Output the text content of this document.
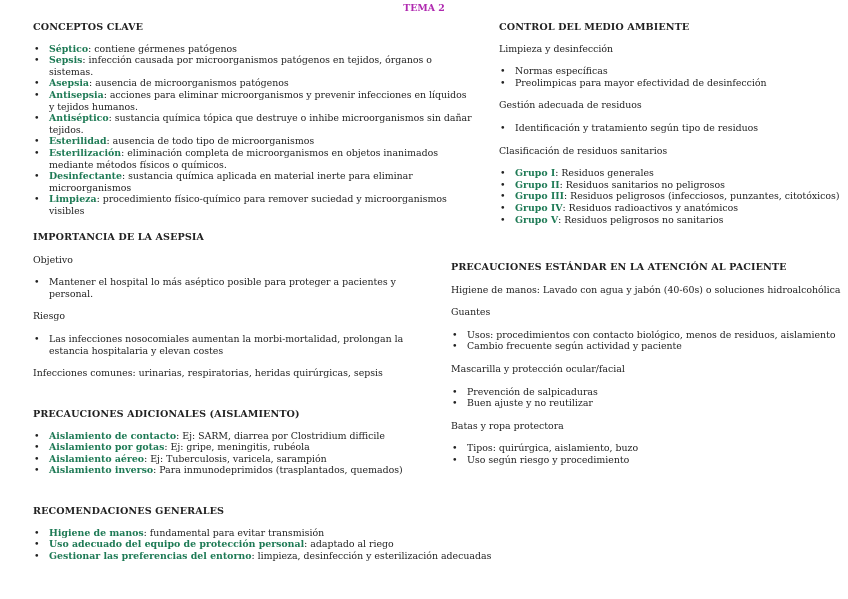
TEMA 2
CONCEPTOS CLAVE
• Séptico: contiene gérmenes patógenos
• Sepsis: infección causada por microorganismos patógenos en tejidos, órganos o sistemas.
• Asepsia: ausencia de microorganismos patógenos
• Antisepsia: acciones para eliminar microorganismos y prevenir infecciones en líquidos y tejidos humanos.
• Antiséptico: sustancia química tópica que destruye o inhibe microorganismos sin dañar tejidos.
• Esterilidad: ausencia de todo tipo de microorganismos
• Esterilización: eliminación completa de microorganismos en objetos inanimados mediante métodos físicos o químicos.
• Desinfectante: sustancia química aplicada en material inerte para eliminar microorganismos
• Limpieza: procedimiento físico-químico para remover suciedad y microorganismos visibles
IMPORTANCIA DE LA ASEPSIA
Objetivo
• Mantener el hospital lo más aséptico posible para proteger a pacientes y personal.
Riesgo
• Las infecciones nosocomiales aumentan la morbi-mortalidad, prolongan la estancia hospitalaria y elevan costes
Infecciones comunes: urinarias, respiratorias, heridas quirúrgicas, sepsis
PRECAUCIONES ADICIONALES (AISLAMIENTO)
• Aislamiento de contacto: Ej: SARM, diarrea por Clostridium difficile
• Aislamiento por gotas: Ej: gripe, meningitis, rubéola
• Aislamiento aéreo: Ej: Tuberculosis, varicela, sarampión
• Aislamiento inverso: Para inmunodeprimidos (trasplantados, quemados)
RECOMENDACIONES GENERALES
• Higiene de manos: fundamental para evitar transmisión
• Uso adecuado del equipo de protección personal: adaptado al riego
• Gestionar las preferencias del entorno: limpieza, desinfección y esterilización adecuadas
CONTROL DEL MEDIO AMBIENTE
Limpieza y desinfección
• Normas específicas
• Preolimpicas para mayor efectividad de desinfección
Gestión adecuada de residuos
• Identificación y tratamiento según tipo de residuos
Clasificación de residuos sanitarios
• Grupo I: Residuos generales
• Grupo II: Residuos sanitarios no peligrosos
• Grupo III: Residuos peligrosos (infecciosos, punzantes, citotóxicos)
• Grupo IV: Residuos radioactivos y anatómicos
• Grupo V: Residuos peligrosos no sanitarios
PRECAUCIONES ESTÁNDAR EN LA ATENCIÓN AL PACIENTE
Higiene de manos: Lavado con agua y jabón (40-60s) o soluciones hidroalcohólica
Guantes
• Usos: procedimientos con contacto biológico, menos de residuos, aislamiento
• Cambio frecuente según actividad y paciente
Mascarilla y protección ocular/facial
• Prevención de salpicaduras
• Buen ajuste y no reutilizar
Batas y ropa protectora
• Tipos: quirúrgica, aislamiento, buzo
• Uso según riesgo y procedimiento
